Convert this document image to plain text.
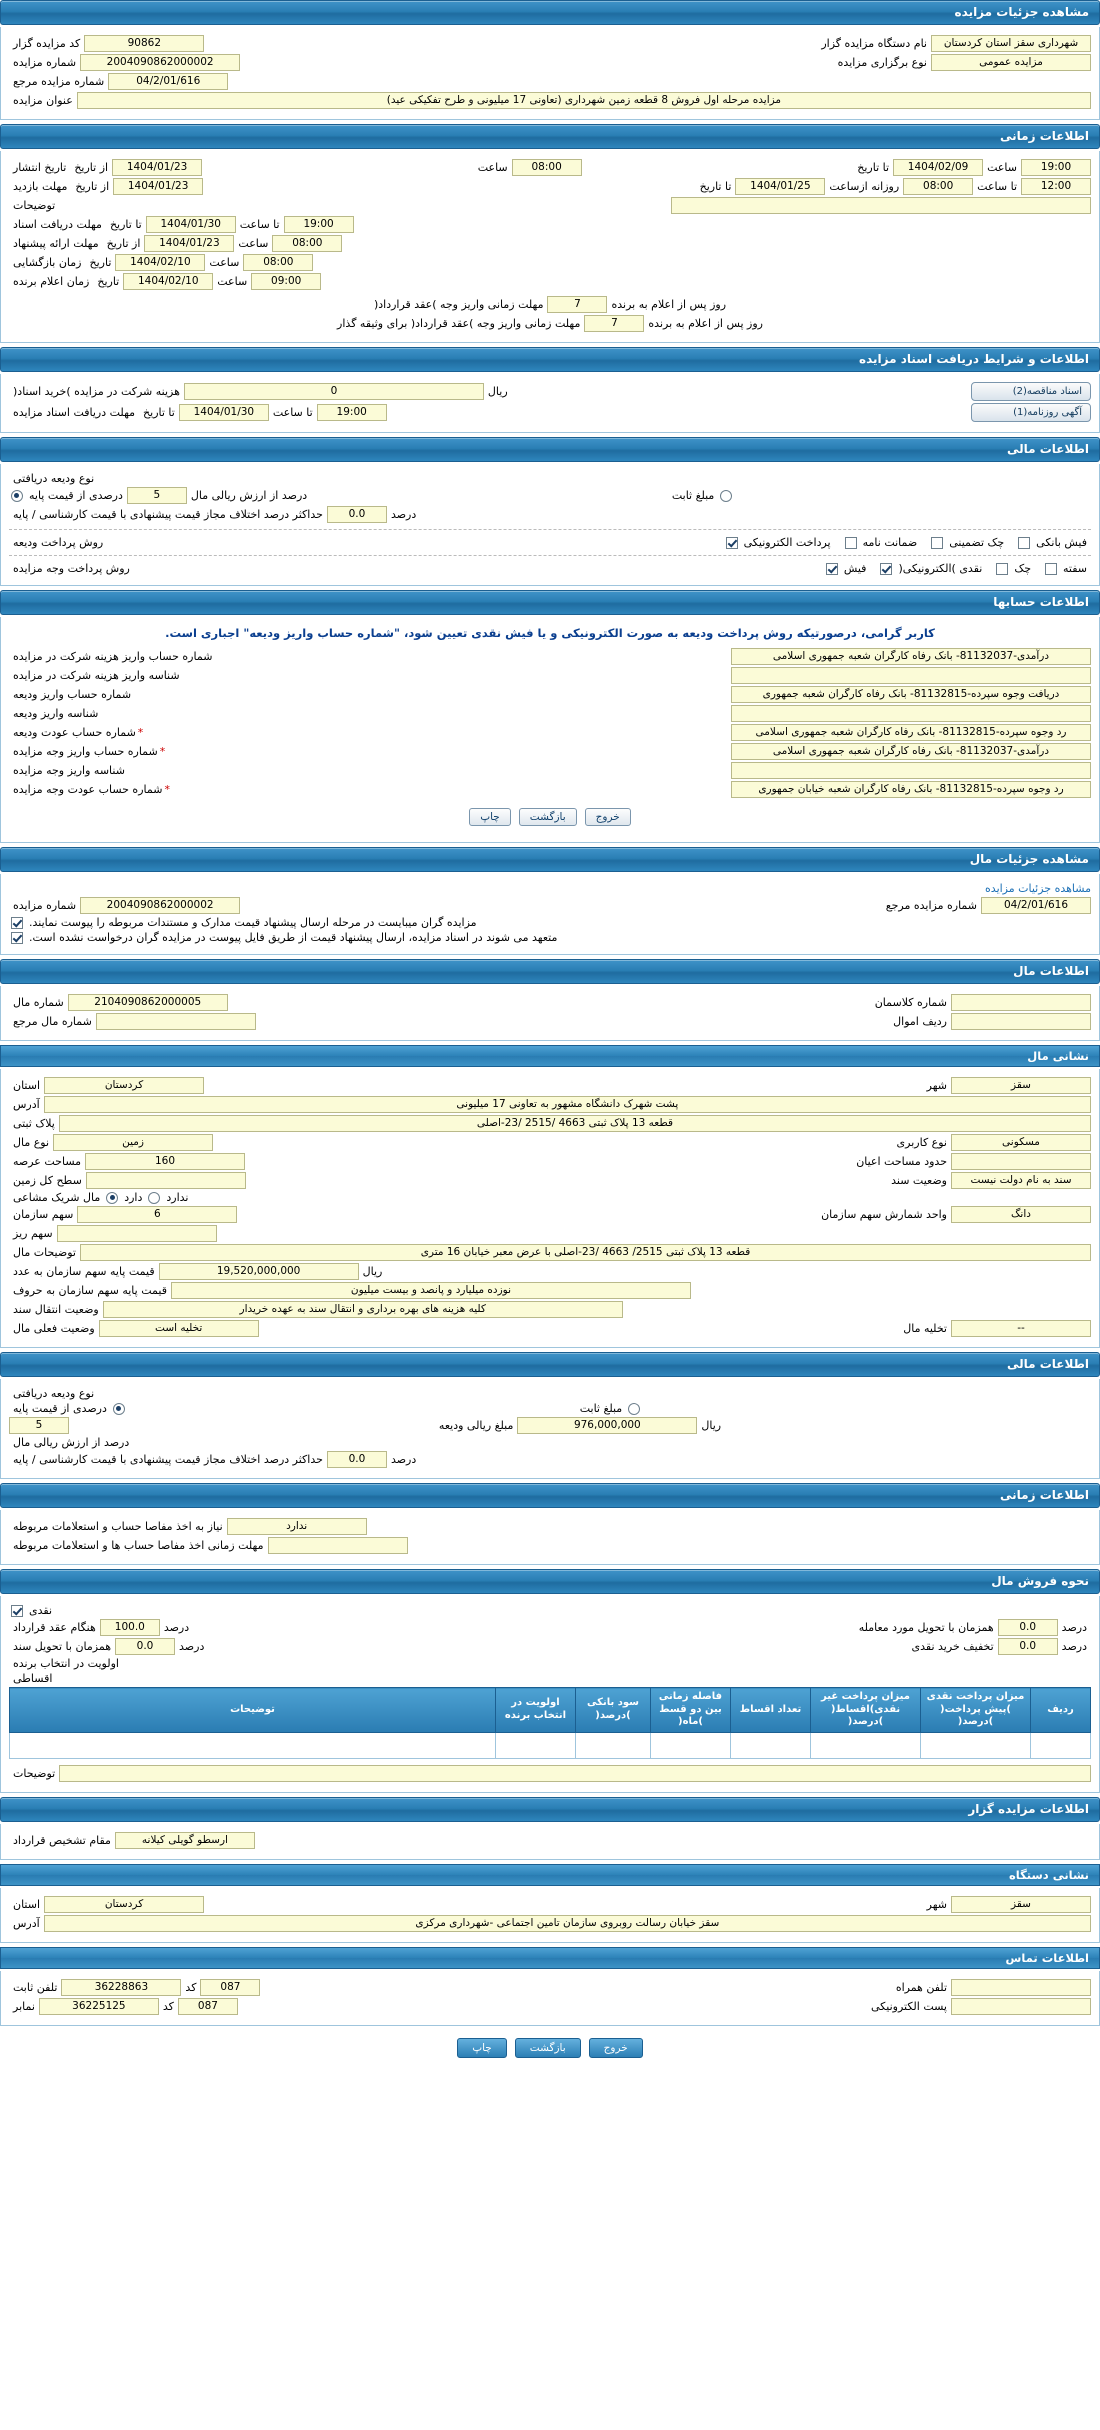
مشاهده جزئیات مزایده
شهرداری سقز استان کردستان
نام دستگاه مزایده گزار
90862
کد مزایده گزار
مزایده عمومی
نوع برگزاری مزایده
2004090862000002
شماره مزایده
04/2/01/616
شماره مزایده مرجع
مزایده مرحله اول فروش 8 قطعه زمین شهرداری (تعاونی 17 میلیونی و طرح تفکیکی عید)
عنوان مزایده
اطلاعات زمانی
19:00
ساعت
1404/02/09
تا تاریخ
08:00
ساعت
1404/01/23
از تاریخ
تاریخ انتشار
12:00
تا ساعت
08:00
روزانه ازساعت
1404/01/25
تا تاریخ
1404/01/23
از تاریخ
مهلت بازدید
توضیحات
19:00
تا ساعت
1404/01/30
تا تاریخ
مهلت دریافت اسناد
08:00
ساعت
1404/01/23
از تاریخ
مهلت ارائه پیشنهاد
08:00
ساعت
1404/02/10
تاریخ
زمان بازگشایی
09:00
ساعت
1404/02/10
تاریخ
زمان اعلام برنده
روز پس از اعلام به برنده
7
مهلت زمانی واریز وجه )عقد قرارداد(
روز پس از اعلام به برنده
7
مهلت زمانی واریز وجه )عقد قرارداد( برای وثیقه گذار
اطلاعات و شرایط دریافت اسناد مزایده
اسناد مناقصه(2)
ریال
0
هزینه شرکت در مزایده )خرید اسناد(
آگهی روزنامه(1)
19:00
تا ساعت
1404/01/30
تا تاریخ
مهلت دریافت اسناد مزایده
اطلاعات مالی
نوع ودیعه دریافتی
مبلغ ثابت
درصد از ارزش ریالی مال
5
درصدی از قیمت پایه
درصد
0.0
حداکثر درصد اختلاف مجاز قیمت پیشنهادی با قیمت کارشناسی / پایه
فیش بانکی
چک تضمینی
ضمانت نامه
پرداخت الکترونیکی
روش پرداخت ودیعه
سفته
چک
نقدی )الکترونیکی(
فیش
روش پرداخت وجه مزایده
اطلاعات حسابها
کاربر گرامی، درصورتیکه روش پرداخت ودیعه به صورت الکترونیکی و یا فیش نقدی تعیین شود، "شماره حساب واریز ودیعه" اجباری است.
درآمدی-81132037- بانک رفاه کارگران شعبه جمهوری اسلامی
شماره حساب واریز هزینه شرکت در مزایده
شناسه واریز هزینه شرکت در مزایده
دریافت وجوه سپرده-81132815- بانک رفاه کارگران شعبه جمهوری
شماره حساب واریز ودیعه
شناسه واریز ودیعه
رد وجوه سپرده-81132815- بانک رفاه کارگران شعبه جمهوری اسلامی
* شماره حساب عودت ودیعه
درآمدی-81132037- بانک رفاه کارگران شعبه جمهوری اسلامی
* شماره حساب واریز وجه مزایده
شناسه واریز وجه مزایده
رد وجوه سپرده-81132815- بانک رفاه کارگران شعبه خیابان جمهوری
* شماره حساب عودت وجه مزایده
خروج
بازگشت
چاپ
مشاهده جزئیات مال
مشاهده جزئیات مزایده
04/2/01/616
شماره مزایده مرجع
2004090862000002
شماره مزایده
مزایده گران میبایست در مرحله ارسال پیشنهاد قیمت مدارک و مستندات مربوطه را پیوست نمایند.
متعهد می شوند در اسناد مزایده، ارسال پیشنهاد قیمت از طریق فایل پیوست در مزایده گران درخواست نشده است.
اطلاعات مال
شماره کلاسمان
2104090862000005
شماره مال
ردیف اموال
شماره مال مرجع
نشانی مال
سقز
شهر
کردستان
استان
پشت شهرک دانشگاه مشهور به تعاونی 17 میلیونی
آدرس
قطعه 13 پلاک ثبتی 4663 /2515 /23-اصلی
پلاک ثبتی
مسکونی
نوع کاربری
زمین
نوع مال
حدود مساحت اعیان
160
مساحت عرصه
سند به نام دولت نیست
وضعیت سند
سطح کل زمین
ندارد
دارد
مال شریک مشاعی
دانگ
واحد شمارش سهم سازمان
6
سهم سازمان
سهم ریز
قطعه 13 پلاک ثبتی 2515/ 4663 /23-اصلی با عرض معبر خیابان 16 متری
توضیحات مال
ریال
19,520,000,000
قیمت پایه سهم سازمان به عدد
نوزده میلیارد و پانصد و بیست میلیون
قیمت پایه سهم سازمان به حروف
کلیه هزینه های بهره برداری و انتقال سند به عهده خریدار
وضعیت انتقال سند
--
تخلیه مال
تخلیه است
وضعیت فعلی مال
اطلاعات مالی
نوع ودیعه دریافتی
مبلغ ثابت
درصدی از قیمت پایه
ریال
976,000,000
مبلغ ریالی ودیعه
5
درصد از ارزش ریالی مال
درصد
0.0
حداکثر درصد اختلاف مجاز قیمت پیشنهادی با قیمت کارشناسی / پایه
اطلاعات زمانی
ندارد
نیاز به اخذ مفاصا حساب و استعلامات مربوطه
مهلت زمانی اخذ مفاصا حساب ها و استعلامات مربوطه
نحوه فروش مال
نقدی
درصد
0.0
همزمان با تحویل مورد معامله
درصد
100.0
هنگام عقد قرارداد
درصد
0.0
تخفیف خرید نقدی
درصد
0.0
همزمان با تحویل سند
اولویت در انتخاب برنده
اقساطی
ردیف	میزان پرداخت نقدی )پیش پرداخت( )درصد(	میزان پرداخت غیر نقدی)اقساط( )درصد(	تعداد اقساط	فاصله زمانی بین دو قسط )ماه(	سود بانکی )درصد(	اولویت در انتخاب برنده	توضیحات

توضیحات
اطلاعات مزایده گزار
ارسطو گویلی کیلانه
مقام تشخیص قرارداد
نشانی دستگاه
سقز
شهر
کردستان
استان
سقز خیابان رسالت روبروی سازمان تامین اجتماعی -شهرداری مرکزی
آدرس
اطلاعات تماس
تلفن همراه
087
کد
36228863
تلفن ثابت
پست الکترونیکی
087
کد
36225125
نمابر
خروج
بازگشت
چاپ
